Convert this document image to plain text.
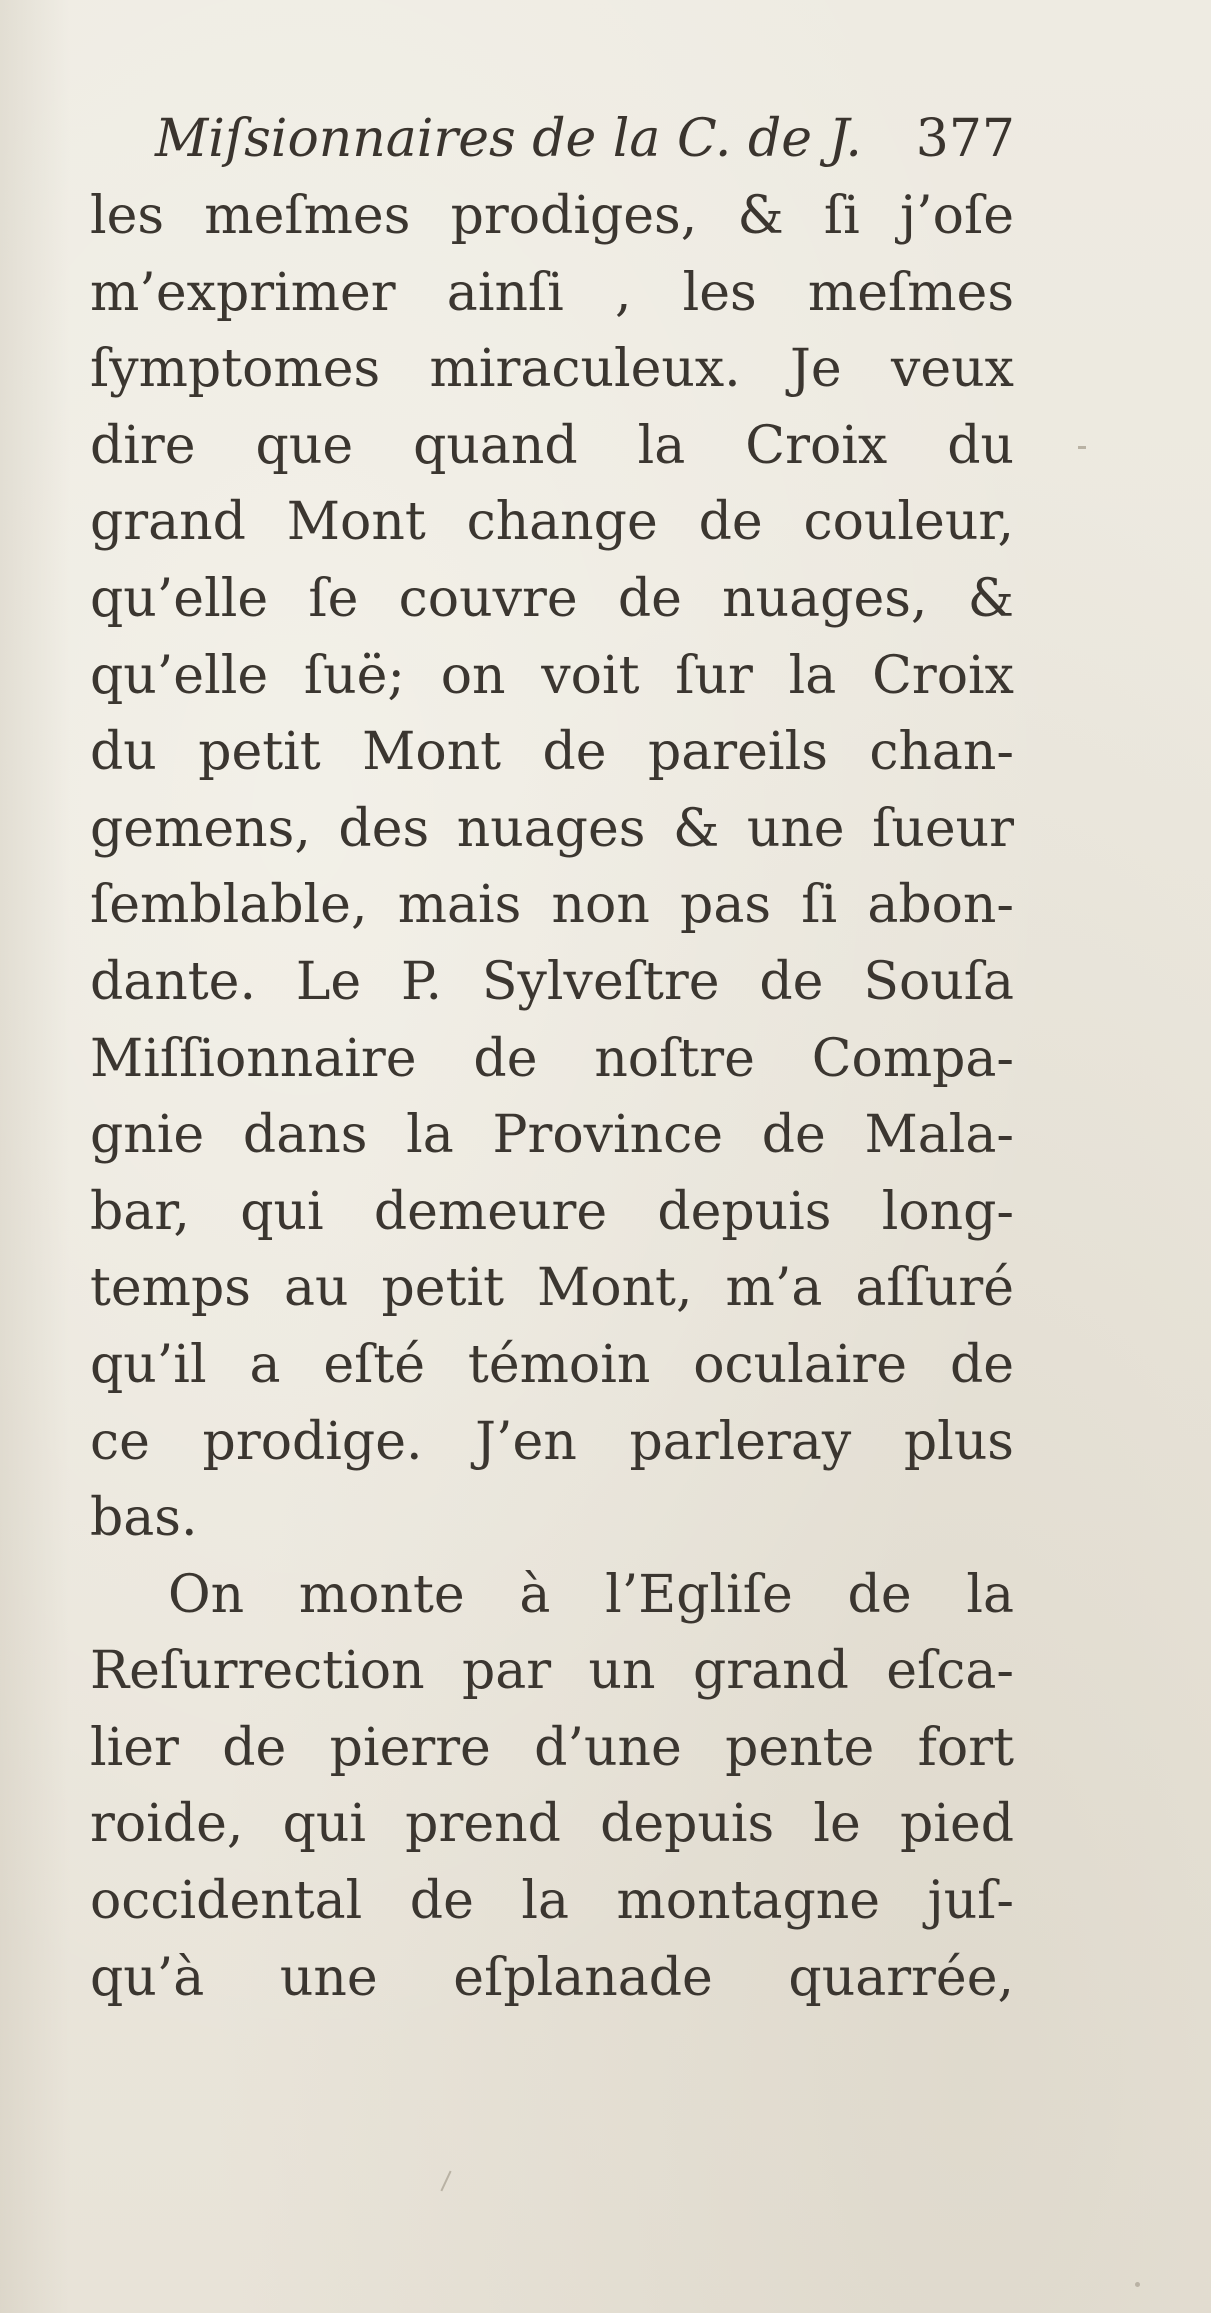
Miſsionnaires de la C. de J. 377
les meſmes prodiges, & ſi j’oſe
m’exprimer ainſi , les meſmes
ſymptomes miraculeux. Je veux
dire que quand la Croix du
grand Mont change de couleur,
qu’elle ſe couvre de nuages, &
qu’elle ſuë; on voit ſur la Croix
du petit Mont de pareils chan-
gemens, des nuages & une ſueur
ſemblable, mais non pas ſi abon-
dante. Le P. Sylveſtre de Souſa
Miſſionnaire de noſtre Compa-
gnie dans la Province de Mala-
bar, qui demeure depuis long-
temps au petit Mont, m’a aſſuré
qu’il a eſté témoin oculaire de
ce prodige. J’en parleray plus
bas.
On monte à l’Egliſe de la
Reſurrection par un grand eſca-
lier de pierre d’une pente fort
roide, qui prend depuis le pied
occidental de la montagne juſ-
qu’à une eſplanade quarrée,
